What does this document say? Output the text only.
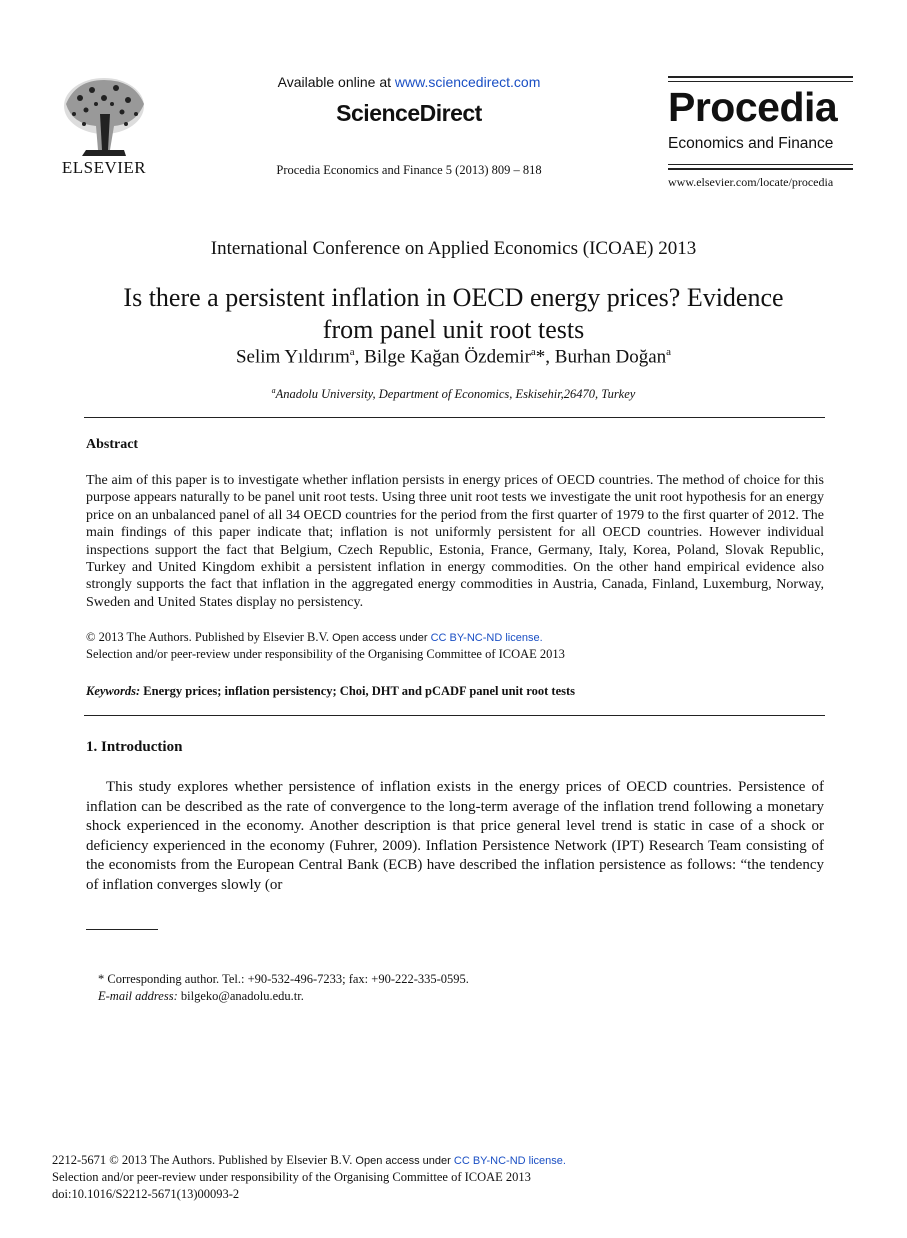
ELSEVIER
Available online at www.sciencedirect.com
ScienceDirect
Procedia Economics and Finance 5 (2013) 809 – 818
Procedia
Economics and Finance
www.elsevier.com/locate/procedia
International Conference on Applied Economics (ICOAE) 2013
Is there a persistent inflation in OECD energy prices? Evidence
from panel unit root tests
Selim Yıldırım$^a$, Bilge Kağan Özdemir$^a$*, Burhan Doğan$^a$
$^a$Anadolu University, Department of Economics, Eskisehir,26470, Turkey
Abstract
The aim of this paper is to investigate whether inflation persists in energy prices of OECD countries. The method of choice for this purpose appears naturally to be panel unit root tests. Using three unit root tests we investigate the unit root hypothesis for an energy price on an unbalanced panel of all 34 OECD countries for the period from the first quarter of 1979 to the first quarter of 2012. The main findings of this paper indicate that; inflation is not uniformly persistent for all OECD countries. However individual inspections support the fact that Belgium, Czech Republic, Estonia, France, Germany, Italy, Korea, Poland, Slovak Republic, Turkey and United Kingdom exhibit a persistent inflation in energy commodities. On the other hand empirical evidence also strongly supports the fact that inflation in the aggregated energy commodities in Austria, Canada, Finland, Luxemburg, Norway, Sweden and United States display no persistency.
© 2013 The Authors. Published by Elsevier B.V. Open access under CC BY-NC-ND license.
Selection and/or peer-review under responsibility of the Organising Committee of ICOAE 2013
Keywords: Energy prices; inflation persistency; Choi, DHT and pCADF panel unit root tests
1. Introduction
This study explores whether persistence of inflation exists in the energy prices of OECD countries. Persistence of inflation can be described as the rate of convergence to the long-term average of the inflation trend following a monetary shock experienced in the economy. Another description is that price general level trend is static in case of a shock or deficiency experienced in the economy (Fuhrer, 2009). Inflation Persistence Network (IPT) Research Team consisting of the economists from the European Central Bank (ECB) have described the inflation persistence as follows: “the tendency of inflation converges slowly (or
* Corresponding author. Tel.: +90-532-496-7233; fax: +90-222-335-0595.
E-mail address: bilgeko@anadolu.edu.tr.
2212-5671 © 2013 The Authors. Published by Elsevier B.V. Open access under CC BY-NC-ND license.
Selection and/or peer-review under responsibility of the Organising Committee of ICOAE 2013
doi:10.1016/S2212-5671(13)00093-2
